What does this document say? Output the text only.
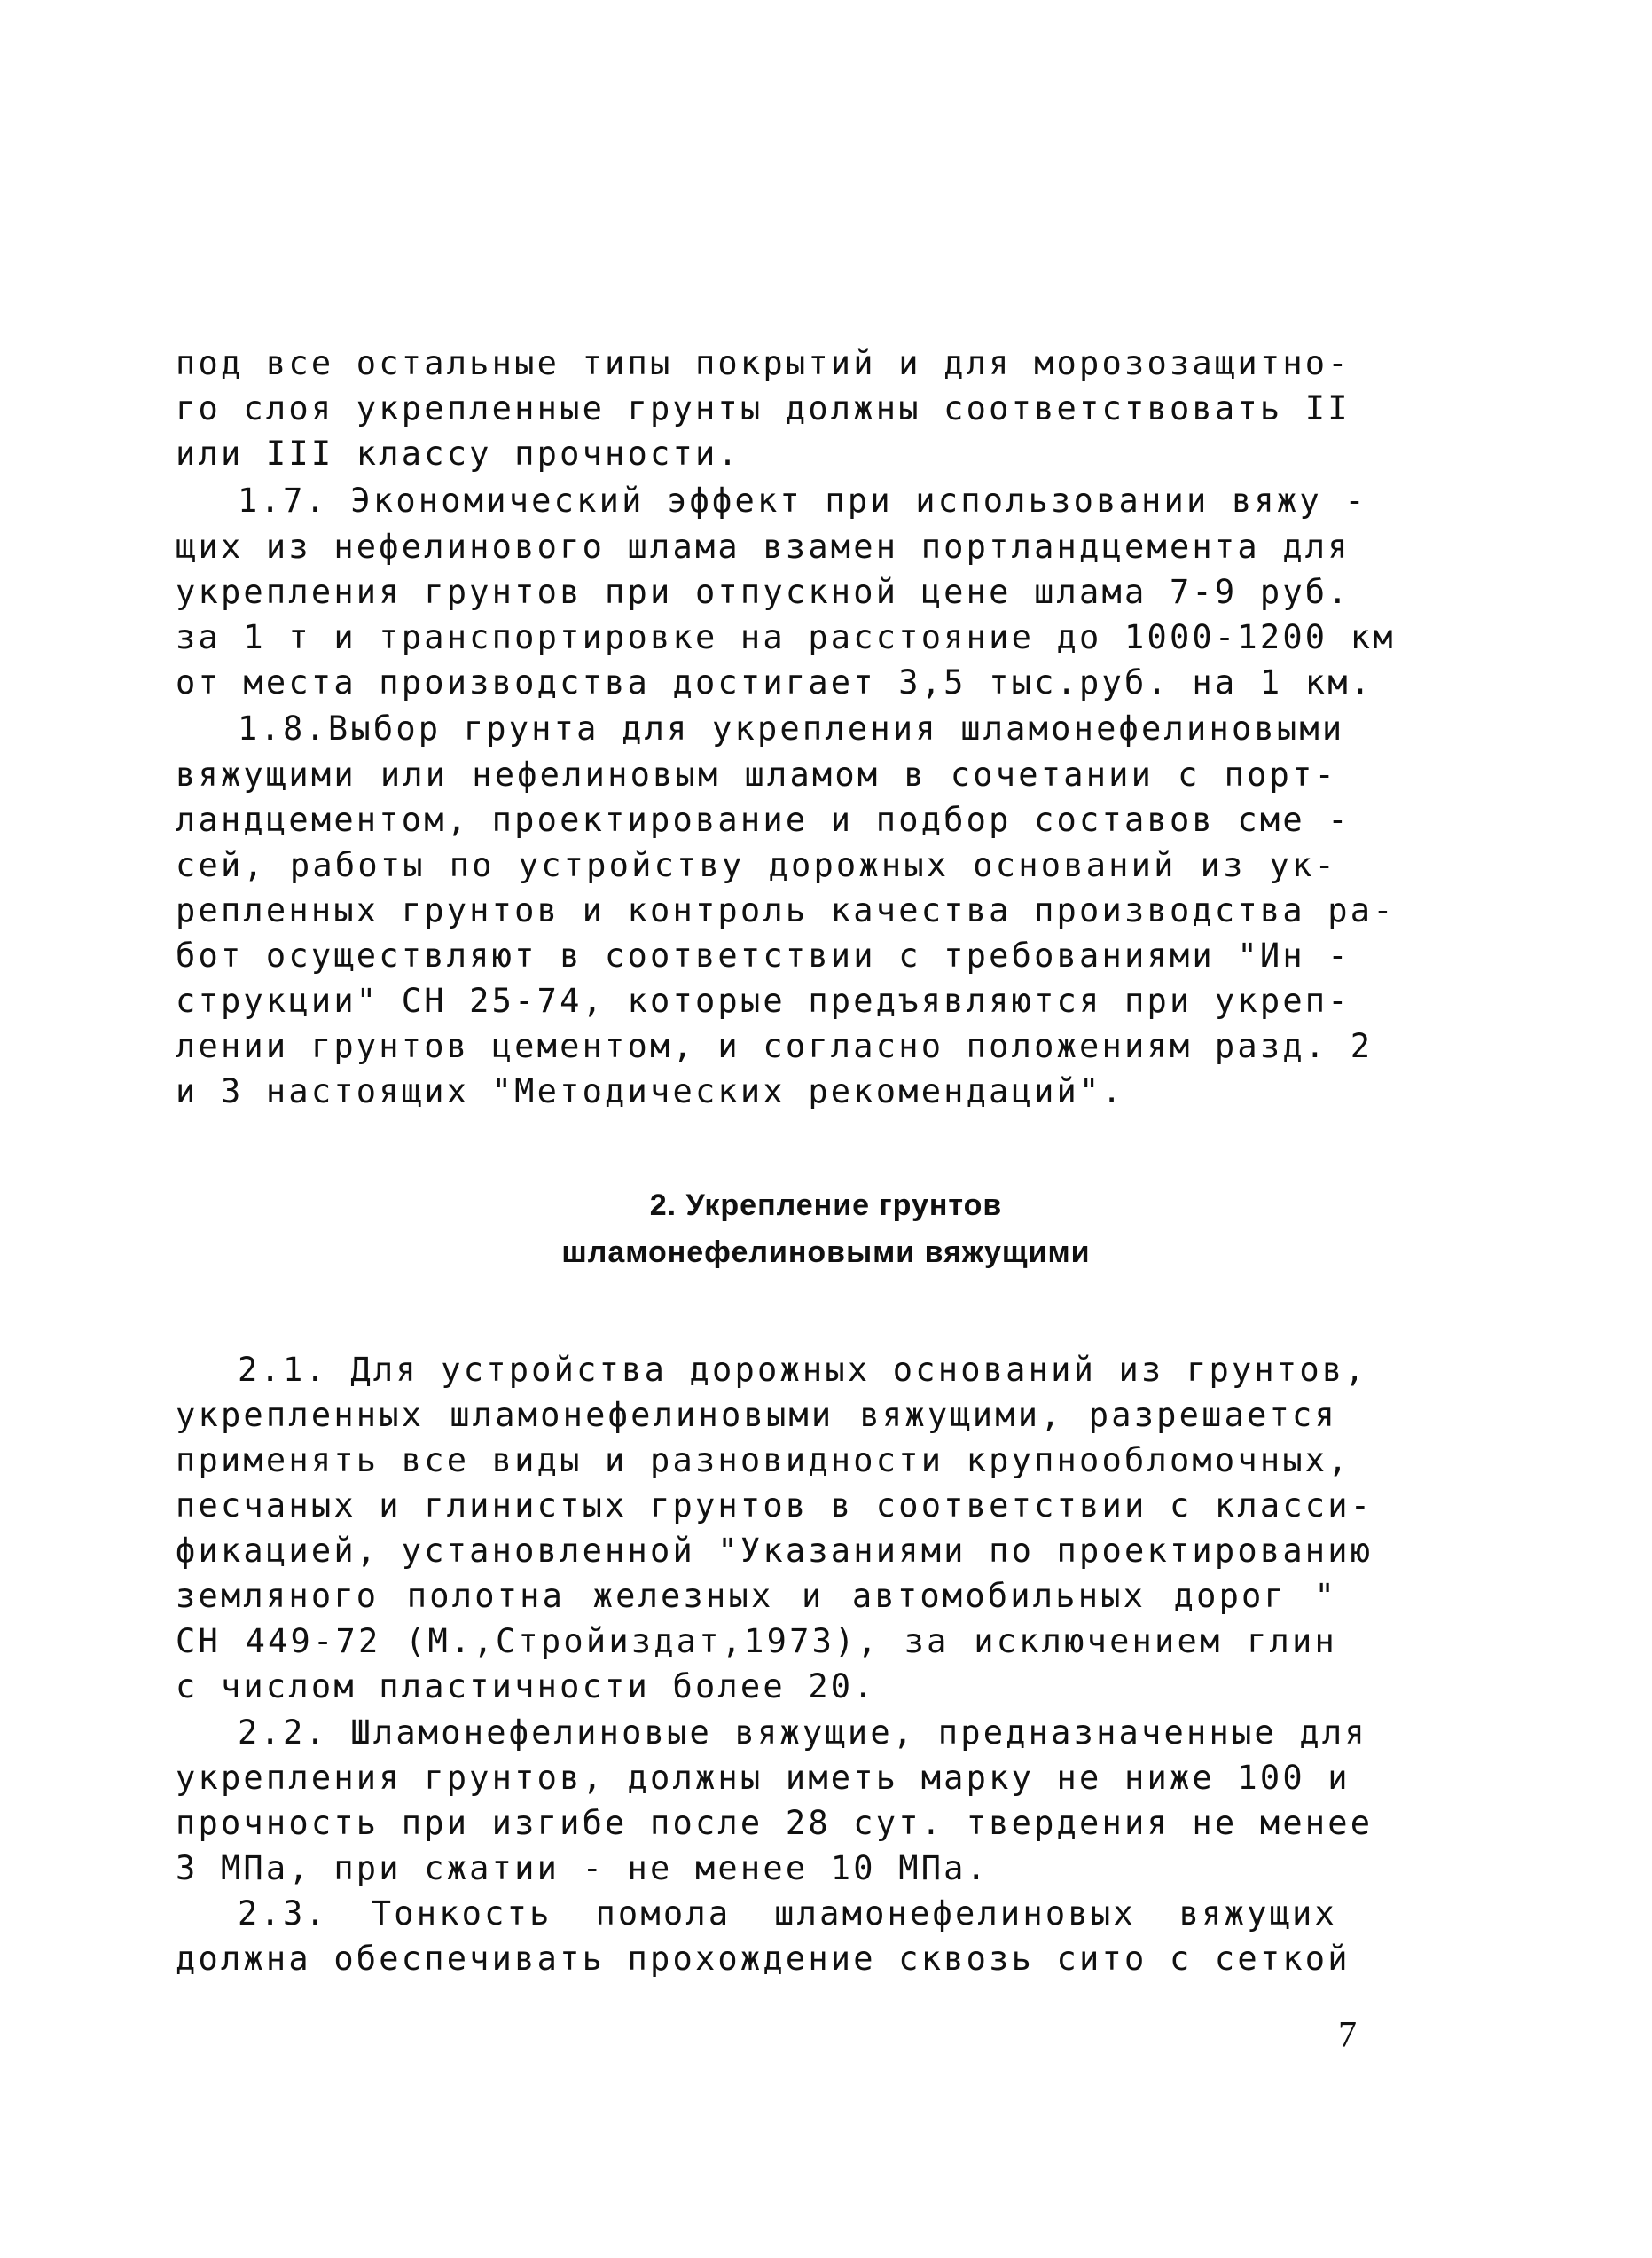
под все остальные типы покрытий и для морозозащитно-
го слоя укрепленные грунты должны соответствовать II
или III классу прочности.
1.7. Экономический эффект при использовании вяжу -
щих из нефелинового шлама взамен портландцемента для
укрепления грунтов при отпускной цене шлама 7-9 руб.
за 1 т и транспортировке на расстояние до 1000-1200 км
от места производства достигает 3,5 тыс.руб. на 1 км.
1.8.Выбор грунта для укрепления шламонефелиновыми
вяжущими или нефелиновым шламом в сочетании с порт-
ландцементом, проектирование и подбор составов сме -
сей, работы по устройству дорожных оснований из ук-
репленных грунтов и контроль качества производства ра-
бот осуществляют в соответствии с требованиями "Ин -
струкции" СН 25-74, которые предъявляются при укреп-
лении грунтов цементом, и согласно положениям разд. 2
и 3 настоящих "Методических рекомендаций".
2. Укрепление грунтов
шламонефелиновыми вяжущими
2.1. Для устройства дорожных оснований из грунтов,
укрепленных шламонефелиновыми вяжущими, разрешается
применять все виды и разновидности крупнообломочных,
песчаных и глинистых грунтов в соответствии с класси-
фикацией, установленной "Указаниями по проектированию
земляного полотна железных и автомобильных дорог "
СН 449-72 (М.,Стройиздат,1973), за исключением глин
с числом пластичности более 20.
2.2. Шламонефелиновые вяжущие, предназначенные для
укрепления грунтов, должны иметь марку не ниже 100 и
прочность при изгибе после 28 сут. твердения не менее
3 МПа, при сжатии - не менее 10 МПа.
2.3. Тонкость помола шламонефелиновых вяжущих
должна обеспечивать прохождение сквозь сито с сеткой
7
